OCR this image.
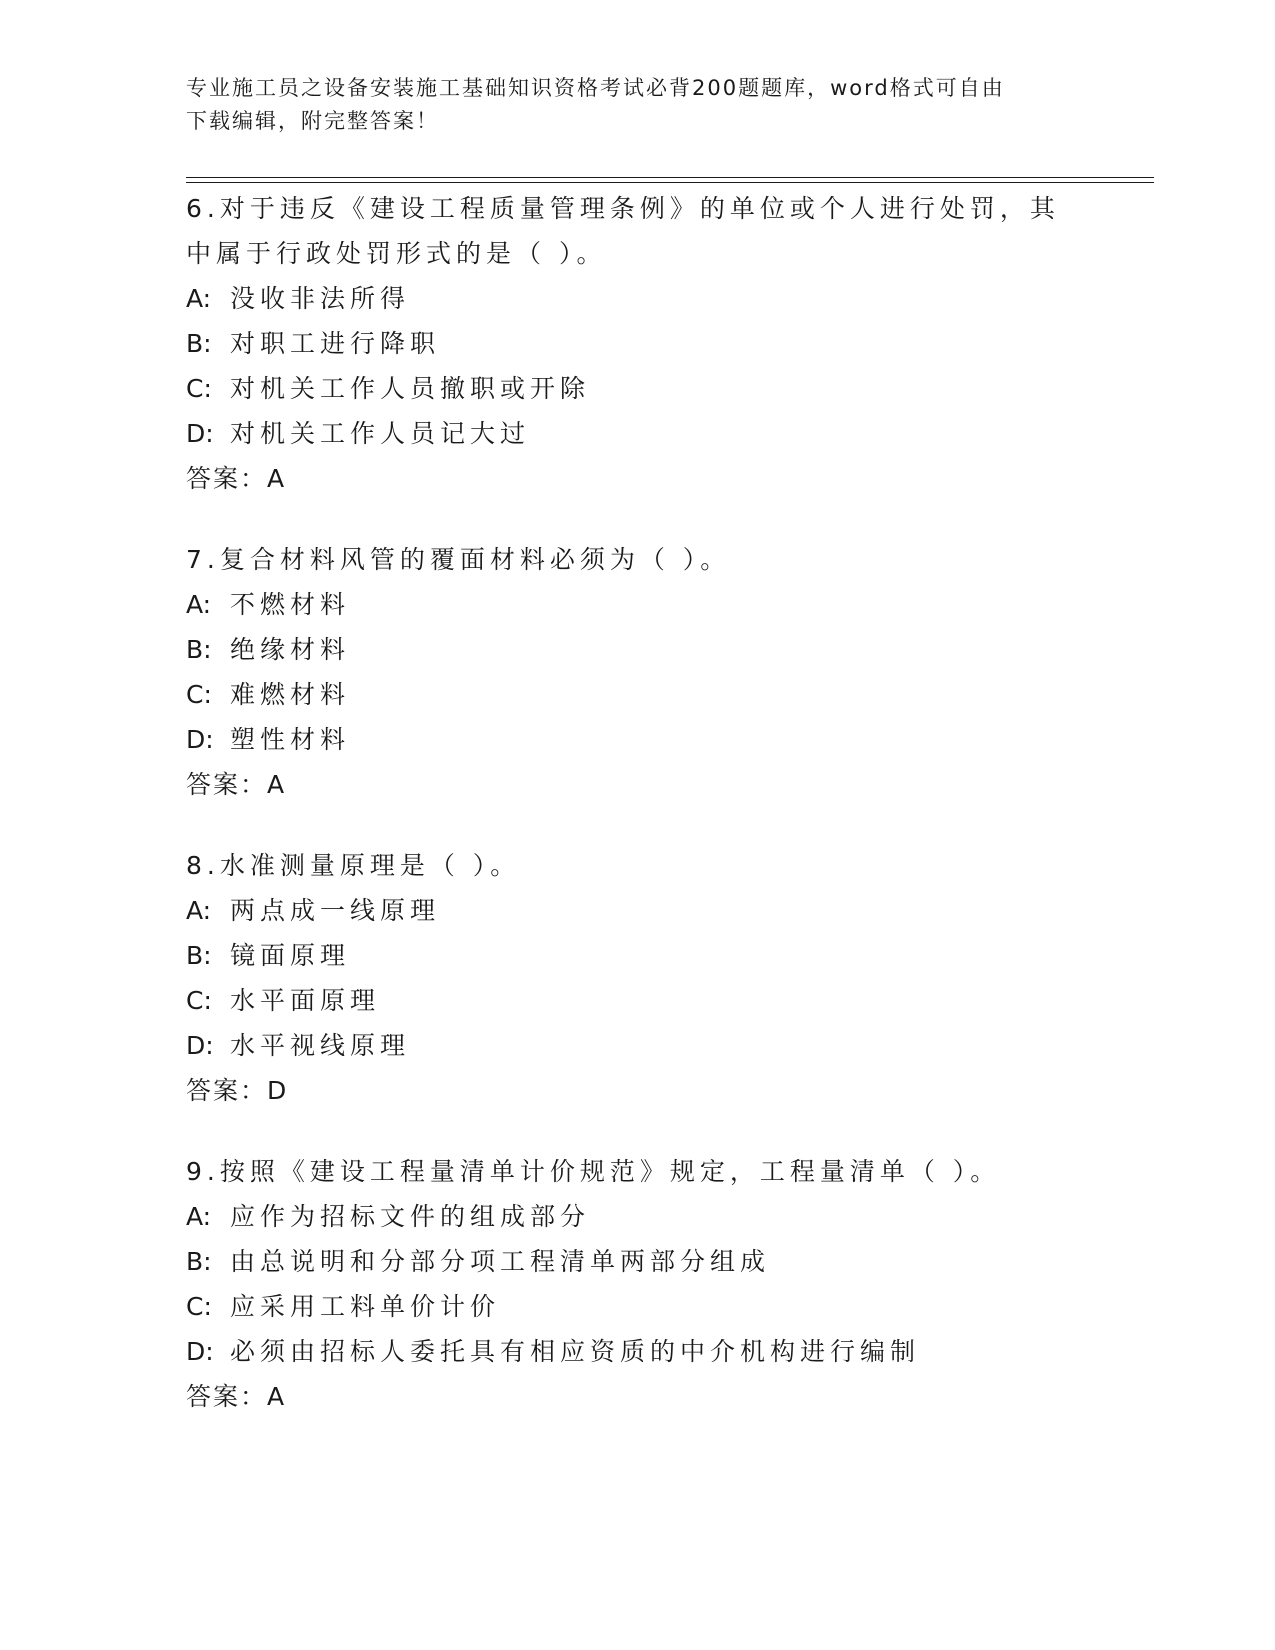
专业施工员之设备安装施工基础知识资格考试必背200题题库，word格式可自由
下载编辑，附完整答案！
6.对于违反《建设工程质量管理条例》的单位或个人进行处罚，其中属于行政处罚形式的是（ ）。
A: 没收非法所得
B: 对职工进行降职
C: 对机关工作人员撤职或开除
D: 对机关工作人员记大过
答案：A
7.复合材料风管的覆面材料必须为（ ）。
A: 不燃材料
B: 绝缘材料
C: 难燃材料
D: 塑性材料
答案：A
8.水准测量原理是（ ）。
A: 两点成一线原理
B: 镜面原理
C: 水平面原理
D: 水平视线原理
答案：D
9.按照《建设工程量清单计价规范》规定，工程量清单（ ）。
A: 应作为招标文件的组成部分
B: 由总说明和分部分项工程清单两部分组成
C: 应采用工料单价计价
D: 必须由招标人委托具有相应资质的中介机构进行编制
答案：A
